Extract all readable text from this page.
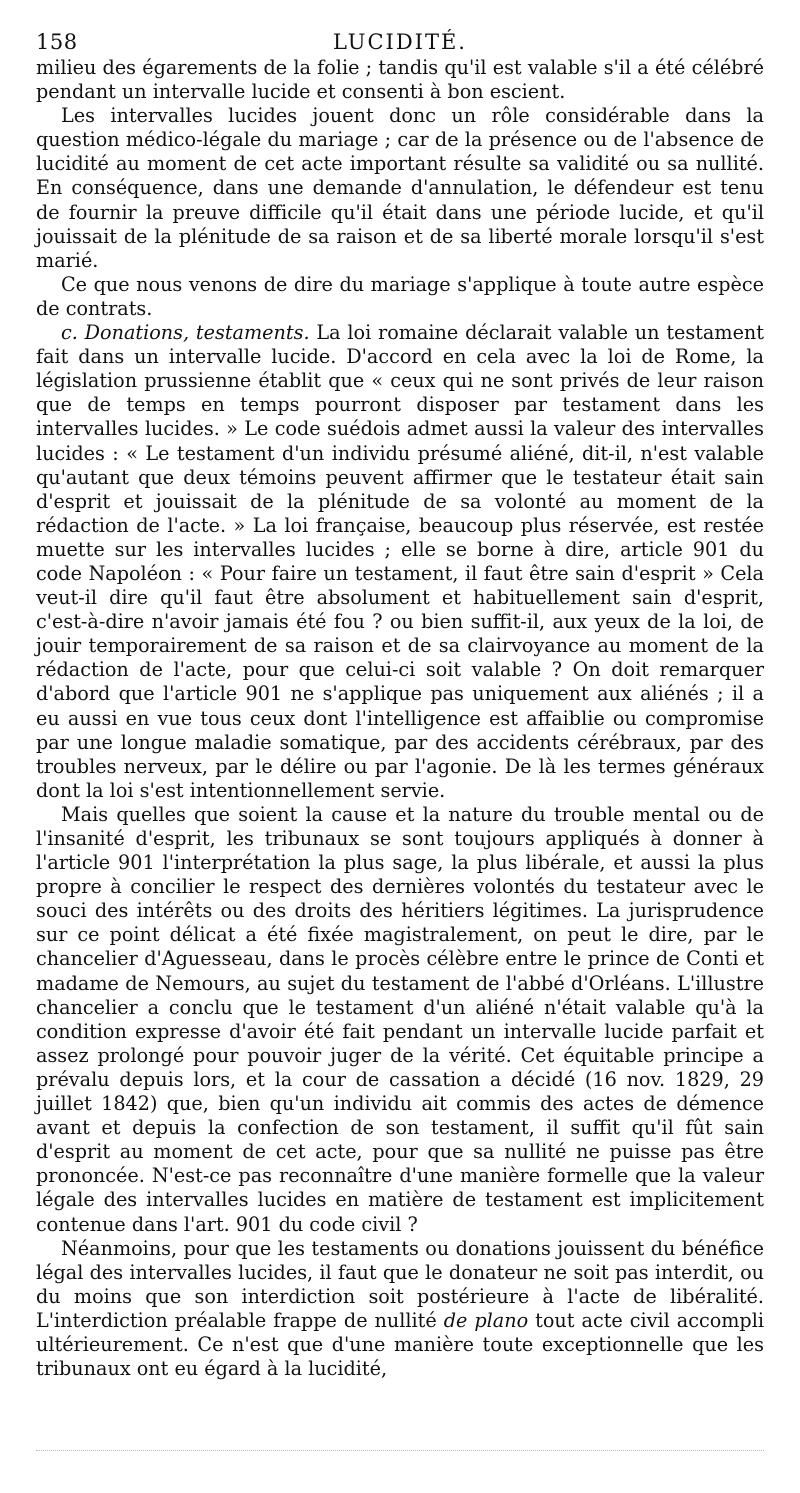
158	LUCIDITÉ.

milieu des égarements de la folie ; tandis qu'il est valable s'il a été célébré pendant un intervalle lucide et consenti à bon escient.

Les intervalles lucides jouent donc un rôle considérable dans la question médico-légale du mariage ; car de la présence ou de l'absence de lucidité au moment de cet acte important résulte sa validité ou sa nullité. En conséquence, dans une demande d'annulation, le défendeur est tenu de fournir la preuve difficile qu'il était dans une période lucide, et qu'il jouissait de la plénitude de sa raison et de sa liberté morale lorsqu'il s'est marié.

Ce que nous venons de dire du mariage s'applique à toute autre espèce de contrats.

c. Donations, testaments. La loi romaine déclarait valable un testament fait dans un intervalle lucide. D'accord en cela avec la loi de Rome, la législation prussienne établit que « ceux qui ne sont privés de leur raison que de temps en temps pourront disposer par testament dans les intervalles lucides. » Le code suédois admet aussi la valeur des intervalles lucides : « Le testament d'un individu présumé aliéné, dit-il, n'est valable qu'autant que deux témoins peuvent affirmer que le testateur était sain d'esprit et jouissait de la plénitude de sa volonté au moment de la rédaction de l'acte. » La loi française, beaucoup plus réservée, est restée muette sur les intervalles lucides ; elle se borne à dire, article 901 du code Napoléon : « Pour faire un testament, il faut être sain d'esprit » Cela veut-il dire qu'il faut être absolument et habituellement sain d'esprit, c'est-à-dire n'avoir jamais été fou ? ou bien suffit-il, aux yeux de la loi, de jouir temporairement de sa raison et de sa clairvoyance au moment de la rédaction de l'acte, pour que celui-ci soit valable ? On doit remarquer d'abord que l'article 901 ne s'applique pas uniquement aux aliénés ; il a eu aussi en vue tous ceux dont l'intelligence est affaiblie ou compromise par une longue maladie somatique, par des accidents cérébraux, par des troubles nerveux, par le délire ou par l'agonie. De là les termes généraux dont la loi s'est intentionnellement servie.

Mais quelles que soient la cause et la nature du trouble mental ou de l'insanité d'esprit, les tribunaux se sont toujours appliqués à donner à l'article 901 l'interprétation la plus sage, la plus libérale, et aussi la plus propre à concilier le respect des dernières volontés du testateur avec le souci des intérêts ou des droits des héritiers légitimes. La jurisprudence sur ce point délicat a été fixée magistralement, on peut le dire, par le chancelier d'Aguesseau, dans le procès célèbre entre le prince de Conti et madame de Nemours, au sujet du testament de l'abbé d'Orléans. L'illustre chancelier a conclu que le testament d'un aliéné n'était valable qu'à la condition expresse d'avoir été fait pendant un intervalle lucide parfait et assez prolongé pour pouvoir juger de la vérité. Cet équitable principe a prévalu depuis lors, et la cour de cassation a décidé (16 nov. 1829, 29 juillet 1842) que, bien qu'un individu ait commis des actes de démence avant et depuis la confection de son testament, il suffit qu'il fût sain d'esprit au moment de cet acte, pour que sa nullité ne puisse pas être prononcée. N'est-ce pas reconnaître d'une manière formelle que la valeur légale des intervalles lucides en matière de testament est implicitement contenue dans l'art. 901 du code civil ?

Néanmoins, pour que les testaments ou donations jouissent du bénéfice légal des intervalles lucides, il faut que le donateur ne soit pas interdit, ou du moins que son interdiction soit postérieure à l'acte de libéralité. L'interdiction préalable frappe de nullité de plano tout acte civil accompli ultérieurement. Ce n'est que d'une manière toute exceptionnelle que les tribunaux ont eu égard à la lucidité,
